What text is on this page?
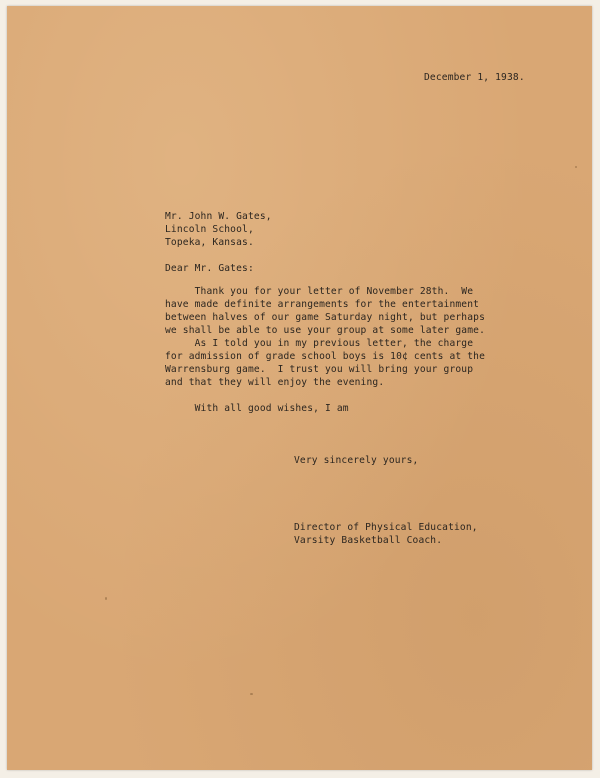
December 1, 1938.
Mr. John W. Gates,
Lincoln School,
Topeka, Kansas.
Dear Mr. Gates:
Thank you for your letter of November 28th.  We
have made definite arrangements for the entertainment
between halves of our game Saturday night, but perhaps
we shall be able to use your group at some later game.
As I told you in my previous letter, the charge
for admission of grade school boys is 10¢ cents at the
Warrensburg game.  I trust you will bring your group
and that they will enjoy the evening.
With all good wishes, I am
Very sincerely yours,
Director of Physical Education,
Varsity Basketball Coach.
